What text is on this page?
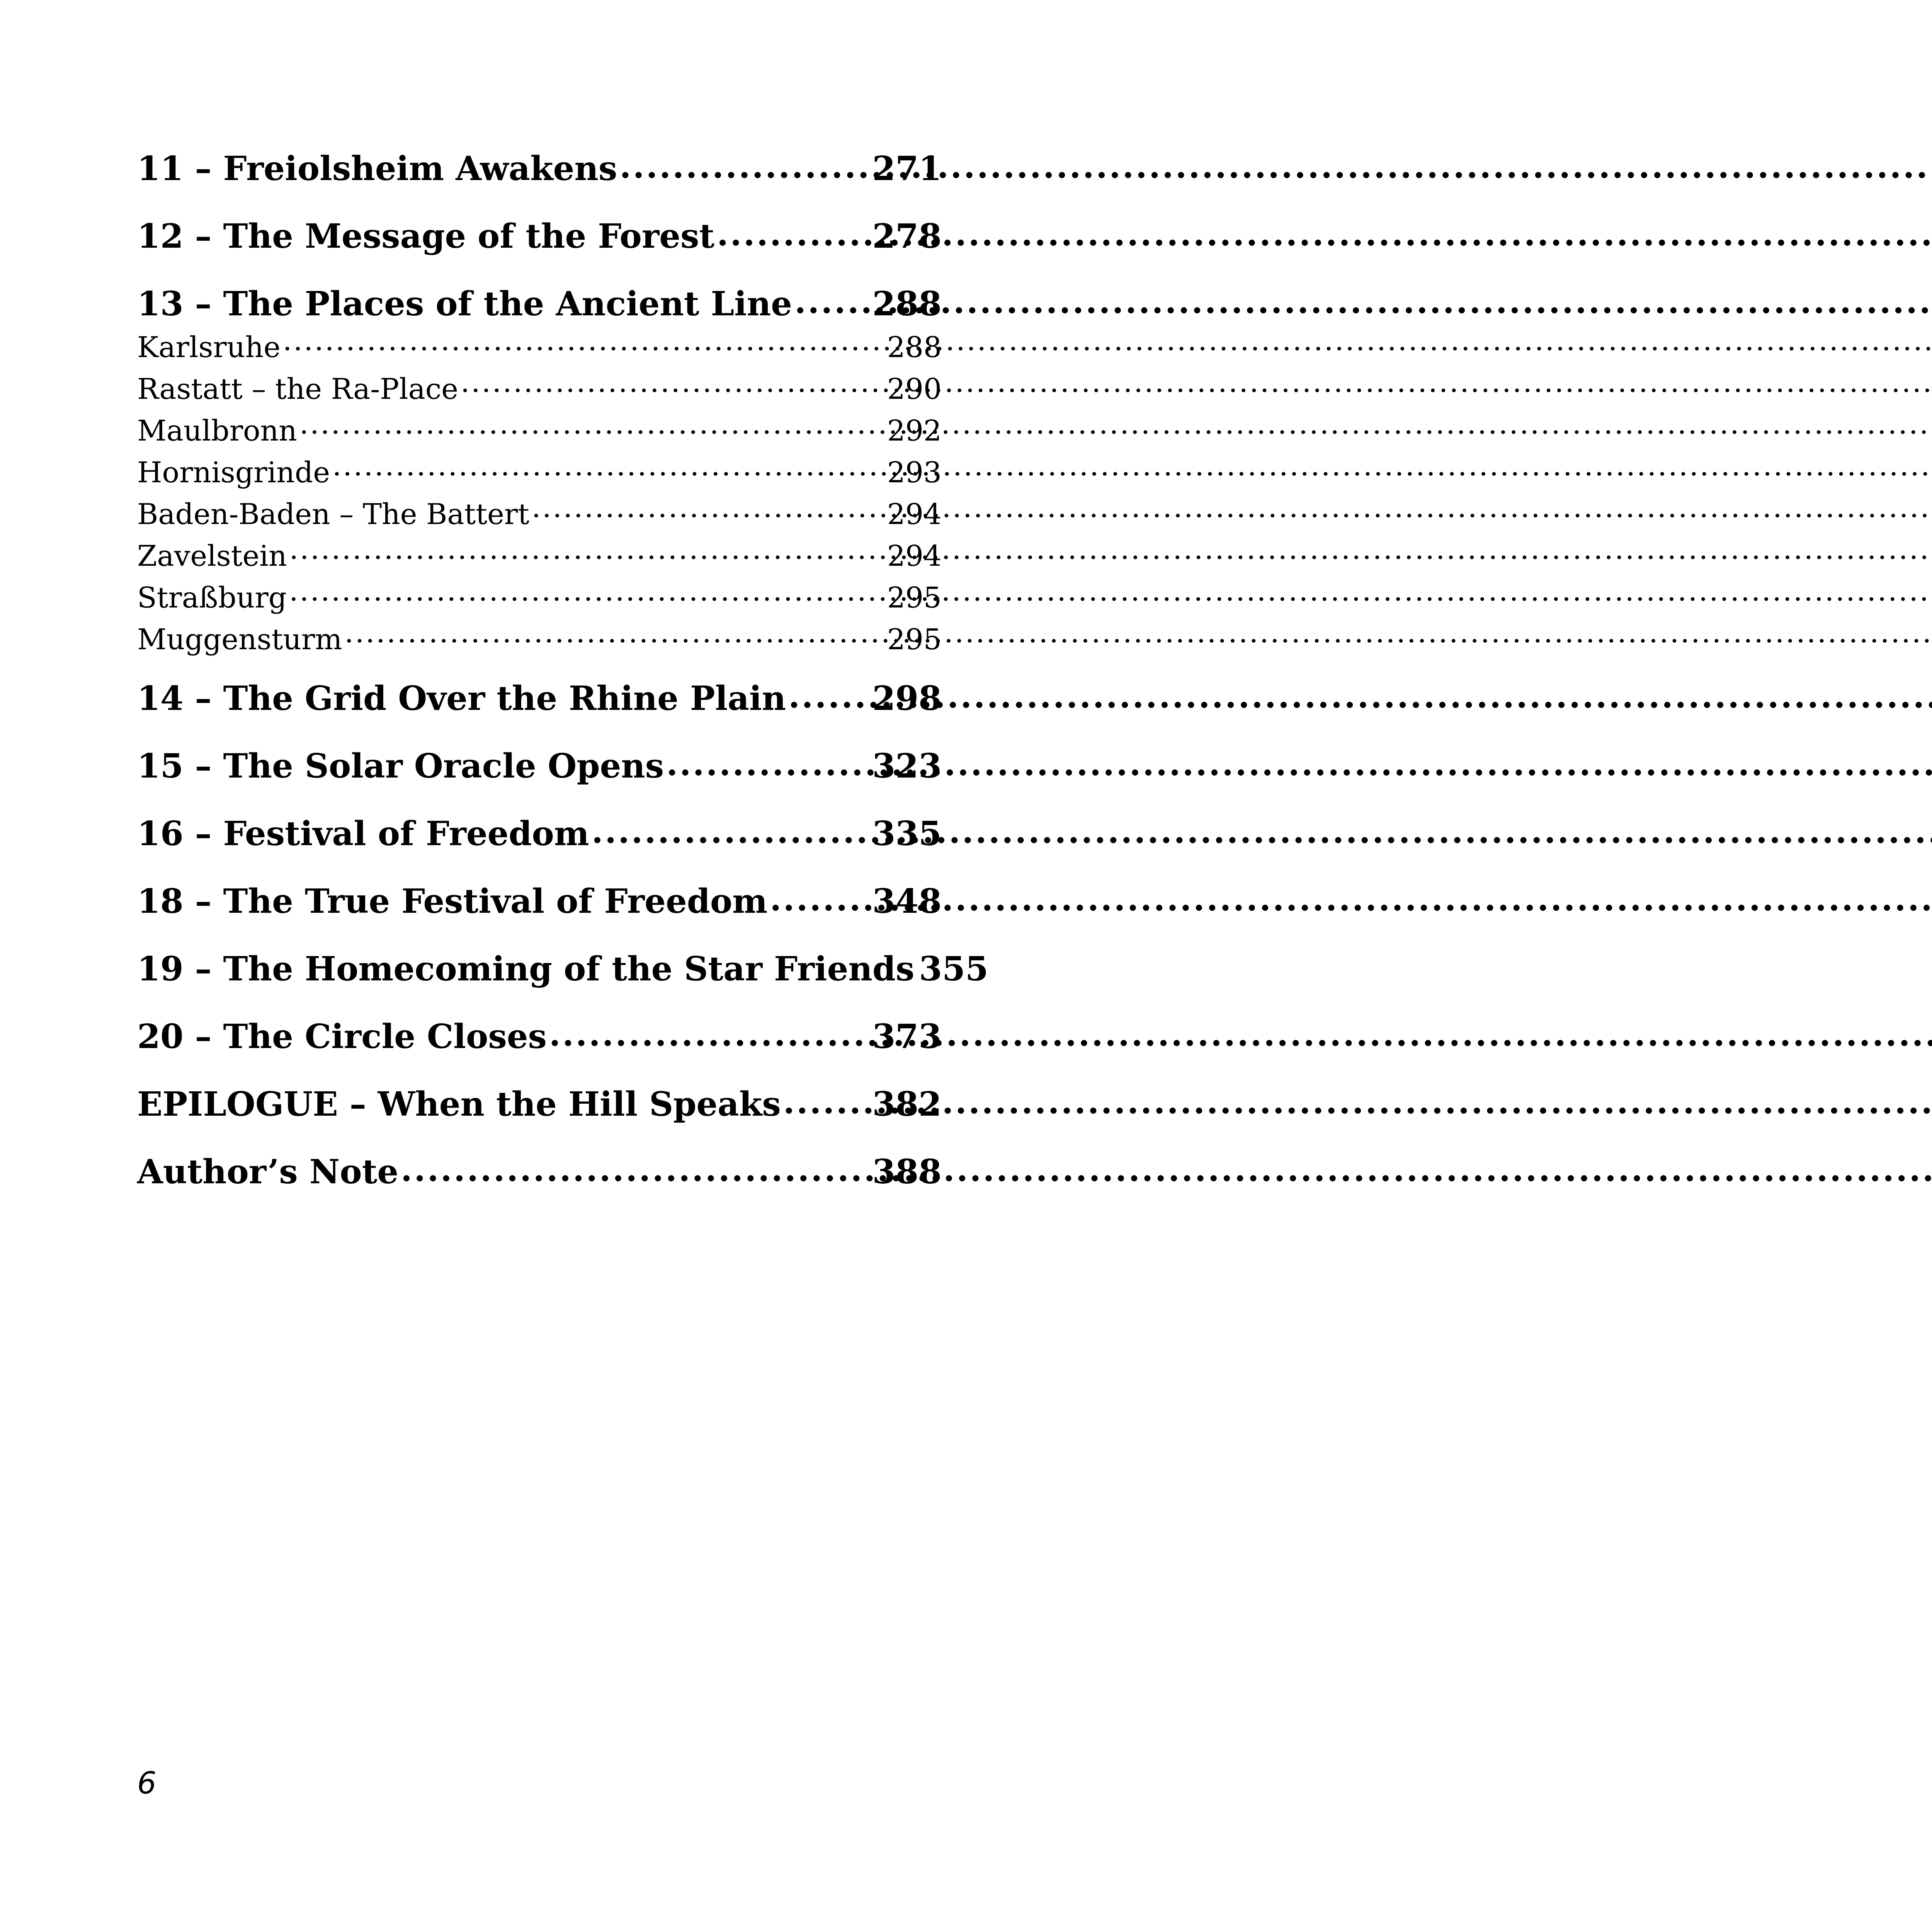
11 – Freiolsheim Awakens .....	271
12 – The Message of the Forest .....	278
13 – The Places of the Ancient Line ..... 288
Karlsruhe .....	288
Rastatt – the Ra-Place .....	290
Maulbronn .....	292
Hornisgrinde .....	293
Baden-Baden – The Battert .....	294
Zavelstein .....	294
Straßburg .....	295
Muggensturm .....	295
14 – The Grid Over the Rhine Plain .....	298
15 – The Solar Oracle Opens .....	323
16 – Festival of Freedom .....	335
18 – The True Festival of Freedom .....	348
19 – The Homecoming of the Star Friends 355
20 – The Circle Closes .....	373
EPILOGUE – When the Hill Speaks .....	382
Author’s Note .....	388
6
